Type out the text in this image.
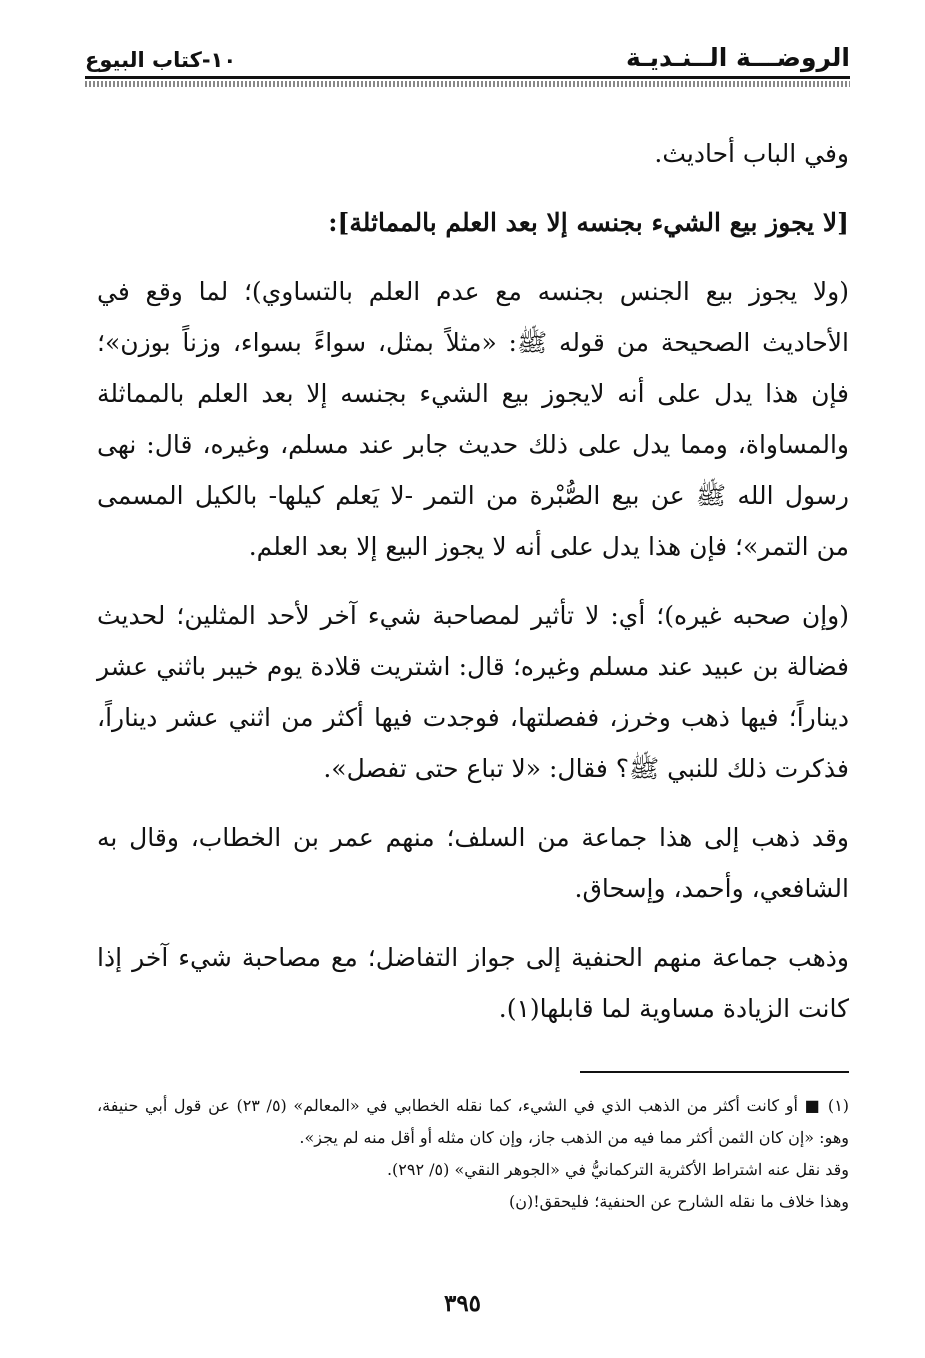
١٠-كتاب البيوع	الروضـــة الــنـديـة

وفي الباب أحاديث.

[لا يجوز بيع الشيء بجنسه إلا بعد العلم بالمماثلة]:

(ولا يجوز بيع الجنس بجنسه مع عدم العلم بالتساوي)؛ لما وقع في الأحاديث الصحيحة من قوله ﷺ: «مثلاً بمثل، سواءً بسواء، وزناً بوزن»؛ فإن هذا يدل على أنه لايجوز بيع الشيء بجنسه إلا بعد العلم بالمماثلة والمساواة، ومما يدل على ذلك حديث جابر عند مسلم، وغيره، قال: نهى رسول الله ﷺ عن بيع الصُّبْرة من التمر -لا يَعلم كيلها- بالكيل المسمى من التمر»؛ فإن هذا يدل على أنه لا يجوز البيع إلا بعد العلم.

(وإن صحبه غيره)؛ أي: لا تأثير لمصاحبة شيء آخر لأحد المثلين؛ لحديث فضالة بن عبيد عند مسلم وغيره؛ قال: اشتريت قلادة يوم خيبر باثني عشر ديناراً؛ فيها ذهب وخرز، ففصلتها، فوجدت فيها أكثر من اثني عشر ديناراً، فذكرت ذلك للنبي ﷺ؟ فقال: «لا تباع حتى تفصل».

وقد ذهب إلى هذا جماعة من السلف؛ منهم عمر بن الخطاب، وقال به الشافعي، وأحمد، وإسحاق.

وذهب جماعة منهم الحنفية إلى جواز التفاضل؛ مع مصاحبة شيء آخر إذا كانت الزيادة مساوية لما قابلها(١).

(١) ■ أو كانت أكثر من الذهب الذي في الشيء، كما نقله الخطابي في «المعالم» (٥/ ٢٣) عن قول أبي حنيفة، وهو: «إن كان الثمن أكثر مما فيه من الذهب جاز، وإن كان مثله أو أقل منه لم يجز».

وقد نقل عنه اشتراط الأكثرية التركمانيُّ في «الجوهر النقي» (٥/ ٢٩٢).

وهذا خلاف ما نقله الشارح عن الحنفية؛ فليحقق!(ن)

٣٩٥
